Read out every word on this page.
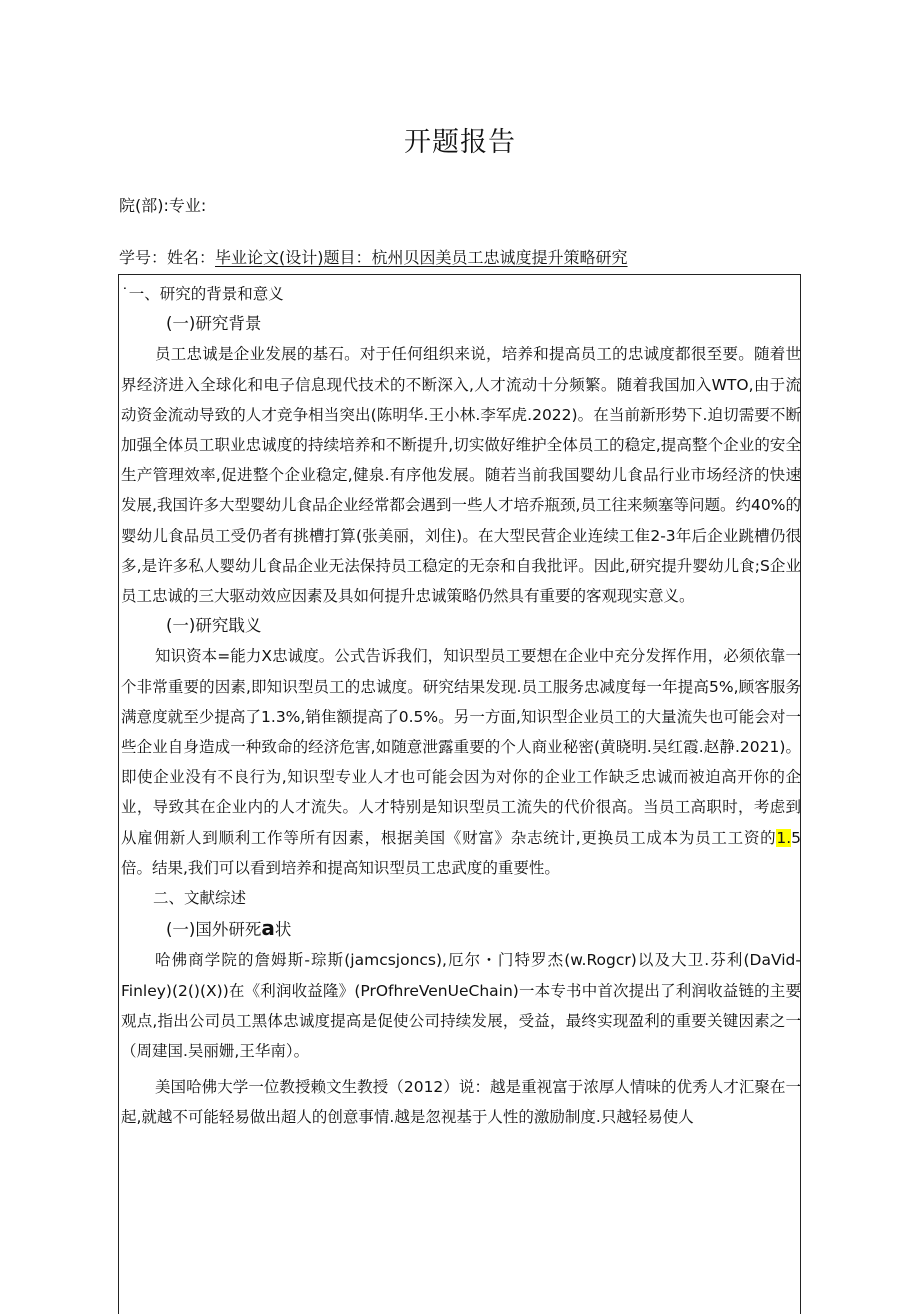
开题报告
院(部):专业:
学号：姓名：毕业论文(设计)题目：杭州贝因美员工忠诚度提升策略研究
˙一、研究的背景和意义
(一)研究背景
员工忠诚是企业发展的基石。对于任何组织来说，培养和提高员工的忠诚度都很至要。随着世界经济进入全球化和电子信息现代技术的不断深入,人才流动十分频繁。随着我国加入WTO,由于流动资金流动导致的人才竞争相当突出(陈明华.王小林.李军虎.2022)。在当前新形势下.迫切需要不断加强全体员工职业忠诚度的持续培养和不断提升,切实做好维护全体员工的稳定,提高整个企业的安全生产管理效率,促进整个企业稳定,健泉.有序他发展。随若当前我国婴幼儿食品行业市场经济的快速发展,我国许多大型婴幼儿食品企业经常都会遇到一些人才培乔瓶颈,员工往来频塞等问题。约40%的婴幼儿食品员工受仍者有挑槽打算(张美丽，刘住)。在大型民营企业连续工隹2-3年后企业跳槽仍很多,是许多私人婴幼儿食品企业无法保持员工稳定的无奈和自我批评。因此,研究提升婴幼儿食;S企业员工忠诚的三大驱动效应因素及具如何提升忠诚策略仍然具有重要的客观现实意义。
(一)研究戢义
知识资本=能力X忠诚度。公式告诉我们，知识型员工要想在企业中充分发挥作用，必须依靠一个非常重要的因素,即知识型员工的忠诚度。研究结果发现.员工服务忠减度每一年提高5%,顾客服务满意度就至少提高了1.3%,销隹额提高了0.5%。另一方面,知识型企业员工的大量流失也可能会对一些企业自身造成一种致命的经济危害,如随意泄露重要的个人商业秘密(黄晓明.吴红霞.赵静.2021)。即使企业没有不良行为,知识型专业人才也可能会因为对你的企业工作缺乏忠诚而被迫高开你的企业，导致其在企业内的人才流失。人才特别是知识型员工流失的代价很高。当员工高职时，考虑到从雇佣新人到顺利工作等所有因素，根据美国《财富》杂志统计,更换员工成本为员工工资的1.5倍。结果,我们可以看到培养和提高知识型员工忠武度的重要性。
二、文献综述
(一)国外研死a状
哈佛商学院的詹姆斯-琮斯(jamcsjoncs),厄尔・门特罗杰(w.Rogcr)以及大卫.芬利(DaVid-Finley)(2()(X))在《利润收益隆》(PrOfhreVenUeChain)一本专书中首次提出了利润收益链的主要观点,指出公司员工黑体忠诚度提高是促使公司持续发展，受益，最终实现盈利的重要关键因素之一（周建国.吴丽姗,王华南）。
美国哈佛大学一位教授赖文生教授（2012）说：越是重视富于浓厚人情味的优秀人才汇聚在一起,就越不可能轻易做出超人的创意事情.越是忽视基于人性的激励制度.只越轻易使人
